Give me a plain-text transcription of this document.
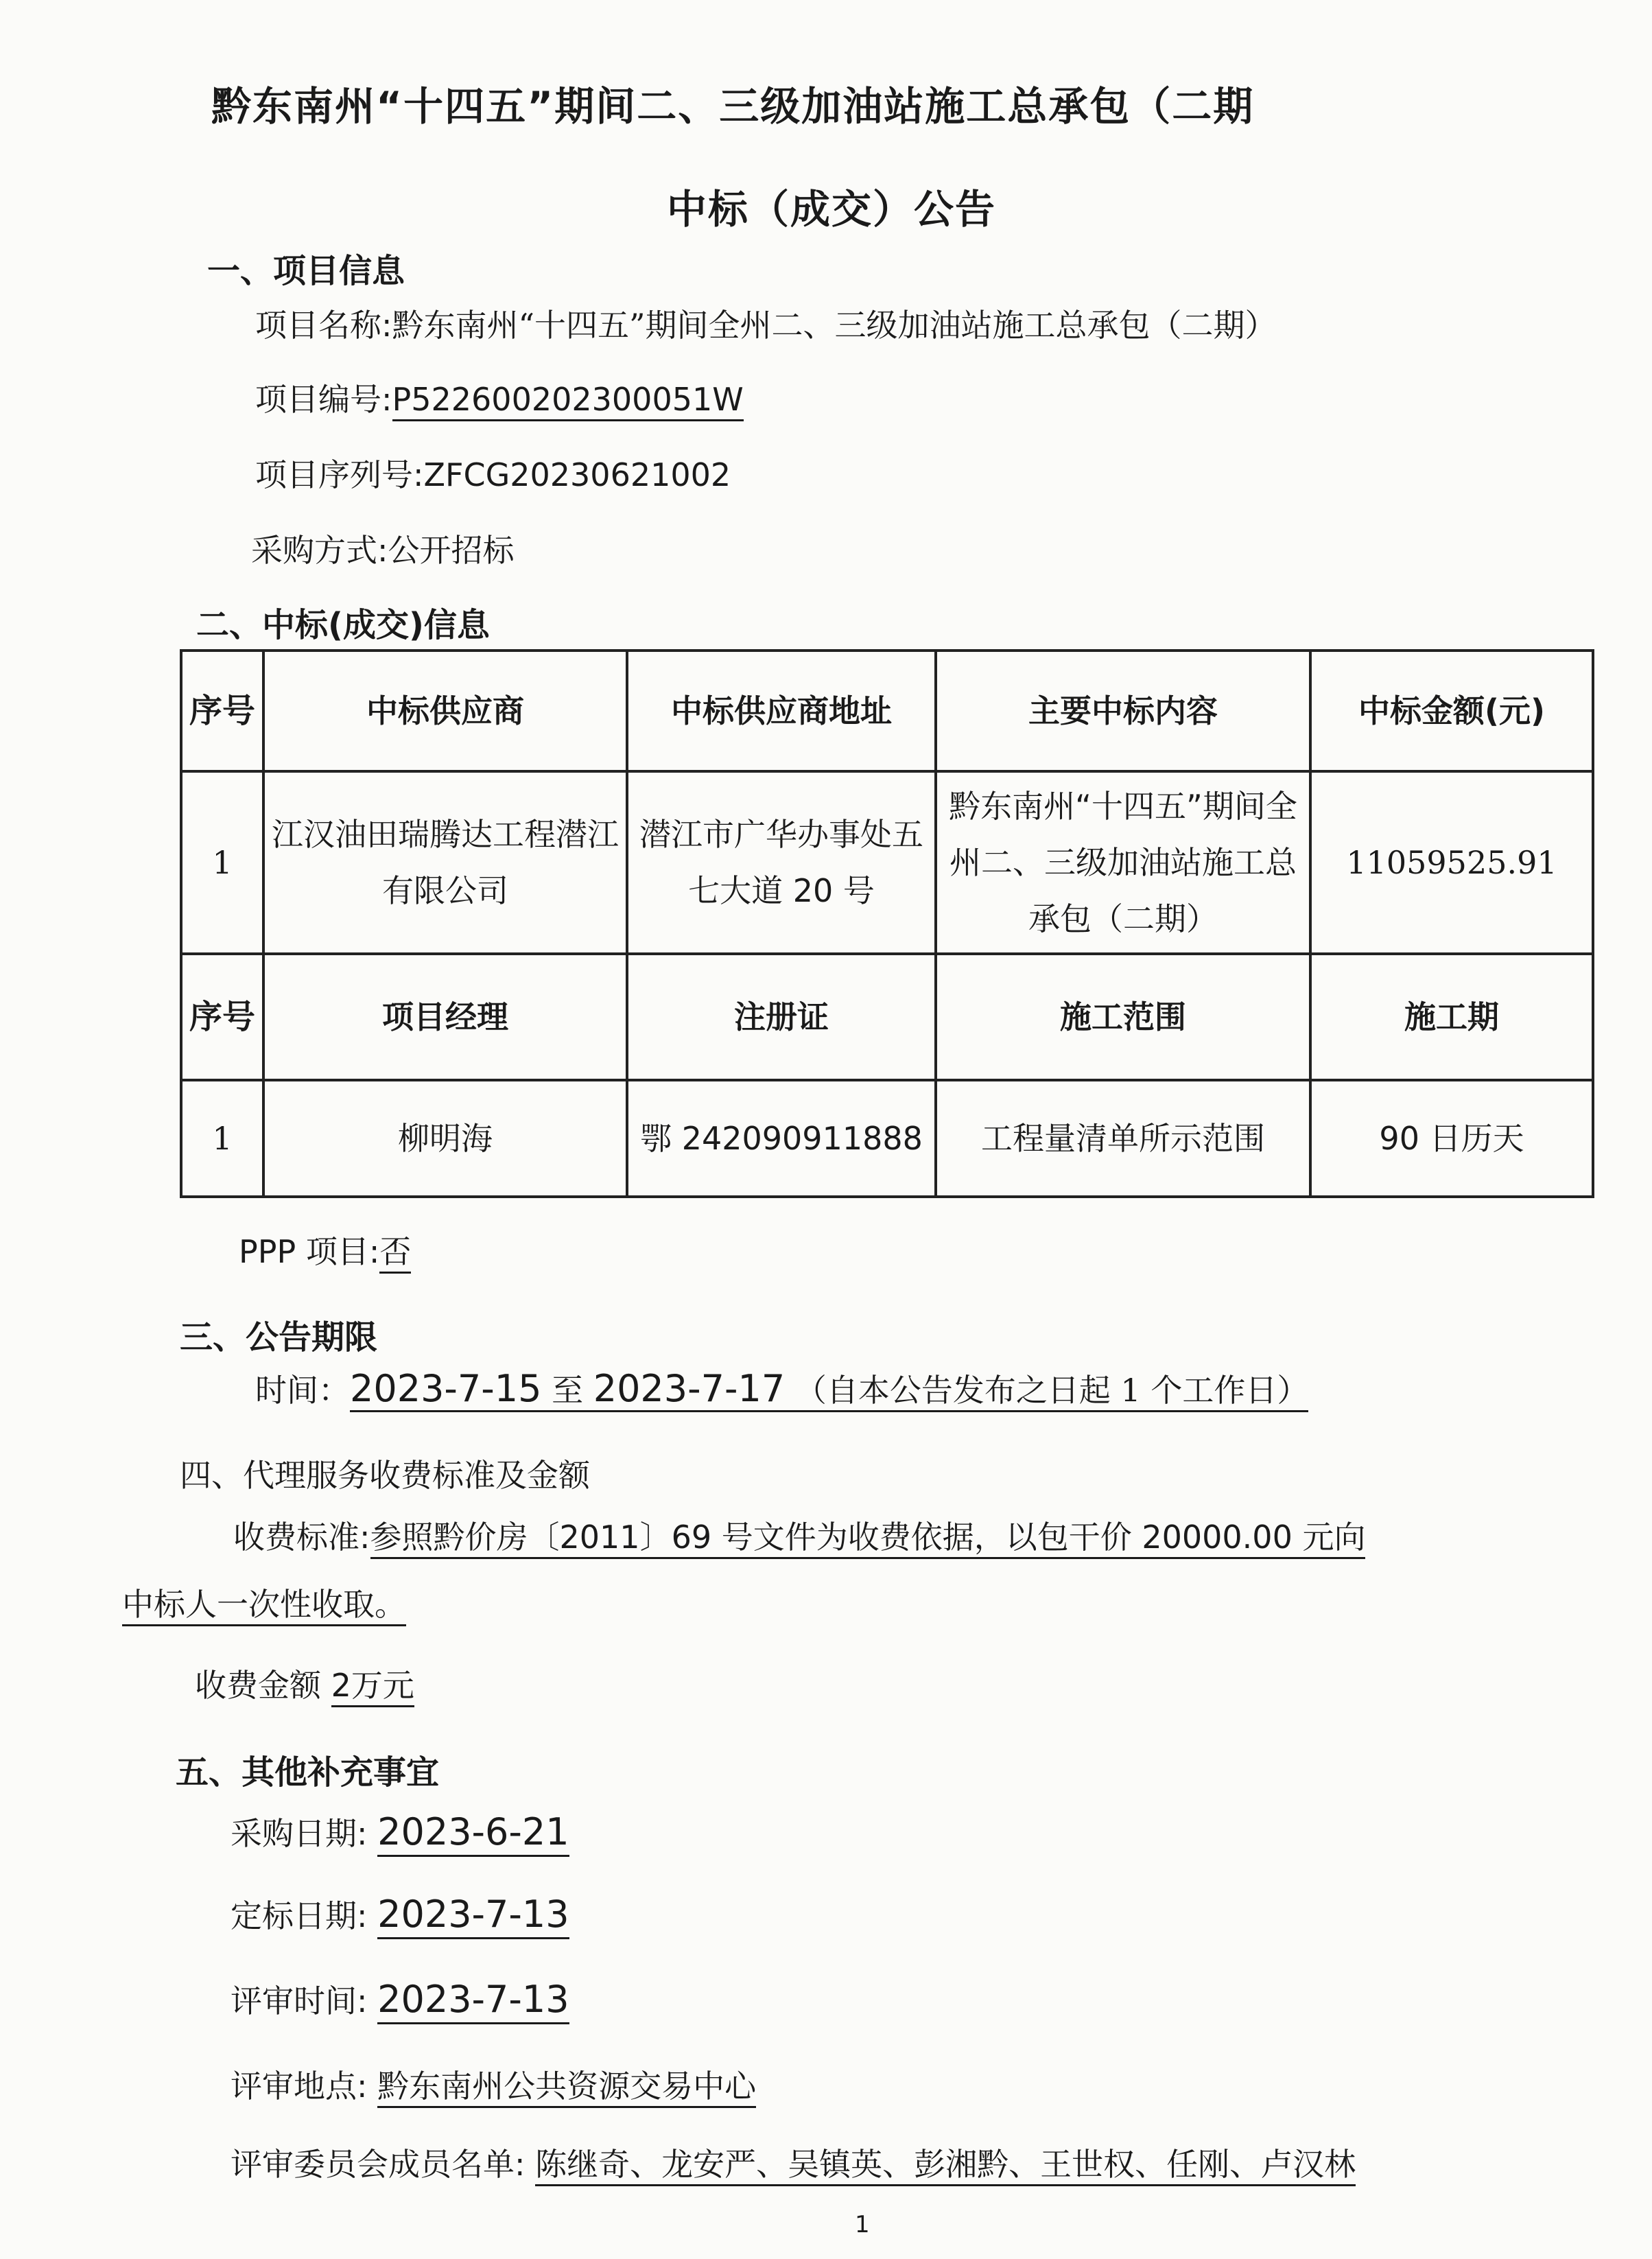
黔东南州“十四五”期间二、三级加油站施工总承包（二期
中标（成交）公告
一、项目信息
项目名称:黔东南州“十四五”期间全州二、三级加油站施工总承包（二期）
项目编号:P522600202300051W
项目序列号:ZFCG20230621002
采购方式:公开招标
二、中标(成交)信息
序号	中标供应商	中标供应商地址	主要中标内容	中标金额(元)
1	江汉油田瑞腾达工程潜江有限公司	潜江市广华办事处五七大道 20 号	黔东南州“十四五”期间全州二、三级加油站施工总承包（二期）	11059525.91
序号	项目经理	注册证	施工范围	施工期
1	柳明海	鄂 242090911888	工程量清单所示范围	90 日历天
PPP 项目:否
三、公告期限
时间：2023-7-15 至 2023-7-17 （自本公告发布之日起 1 个工作日）
四、代理服务收费标准及金额
收费标准:参照黔价房〔2011〕69 号文件为收费依据，以包干价 20000.00 元向
中标人一次性收取。
收费金额 2万元
五、其他补充事宜
采购日期: 2023-6-21
定标日期: 2023-7-13
评审时间: 2023-7-13
评审地点: 黔东南州公共资源交易中心
评审委员会成员名单: 陈继奇、龙安严、吴镇英、彭湘黔、王世权、任刚、卢汉林
1
